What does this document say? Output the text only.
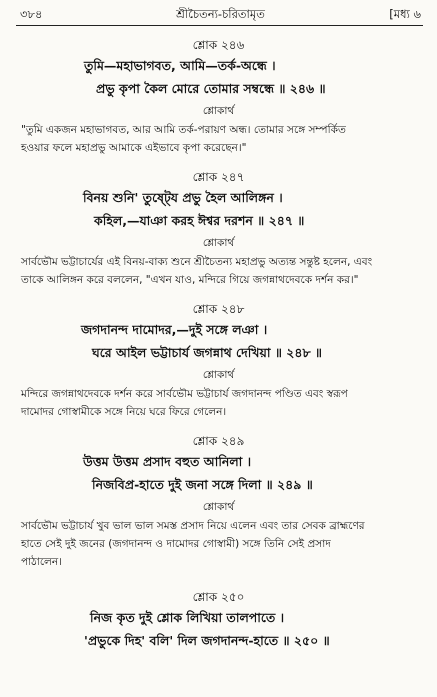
৩৮৪	শ্রীচৈতন্য-চরিতামৃত	[মধ্য ৬
শ্লোক ২৪৬
তুমি—মহাভাগবত, আমি—তর্ক-অন্ধে ।
প্রভু কৃপা কৈল মোরে তোমার সম্বন্ধে ॥ ২৪৬ ॥
শ্লোকার্থ
"তুমি একজন মহাভাগবত, আর আমি তর্ক-পরায়ণ অন্ধ। তোমার সঙ্গে সম্পর্কিত
হওয়ার ফলে মহাপ্রভু আমাকে এইভাবে কৃপা করেছেন।"
শ্লোক ২৪৭
বিনয় শুনি' তুষ্টে্য প্রভু হৈল আলিঙ্গন ।
কহিল,—যাঞা করহ ঈশ্বর দরশন ॥ ২৪৭ ॥
শ্লোকার্থ
সার্বভৌম ভট্টাচার্যের এই বিনয়-বাক্য শুনে শ্রীচৈতন্য মহাপ্রভু অত্যন্ত সন্তুষ্ট হলেন, এবং
তাকে আলিঙ্গন করে বললেন, "এখন যাও, মন্দিরে গিয়ে জগন্নাথদেবকে দর্শন কর।"
শ্লোক ২৪৮
জগদানন্দ দামোদর,—দুই সঙ্গে লঞা ।
ঘরে আইল ভট্টাচার্য জগন্নাথ দেখিয়া ॥ ২৪৮ ॥
শ্লোকার্থ
মন্দিরে জগন্নাথদেবকে দর্শন করে সার্বভৌম ভট্টাচার্য জগদানন্দ পণ্ডিত এবং স্বরূপ
দামোদর গোস্বামীকে সঙ্গে নিয়ে ঘরে ফিরে গেলেন।
শ্লোক ২৪৯
উত্তম উত্তম প্রসাদ বহুত আনিলা ।
নিজবিপ্র-হাতে দুই জনা সঙ্গে দিলা ॥ ২৪৯ ॥
শ্লোকার্থ
সার্বভৌম ভট্টাচার্য খুব ভাল ভাল সমস্ত প্রসাদ নিয়ে এলেন এবং তার সেবক ব্রাহ্মণের
হাতে সেই দুই জনের (জগদানন্দ ও দামোদর গোস্বামী) সঙ্গে তিনি সেই প্রসাদ
পাঠালেন।
শ্লোক ২৫০
নিজ কৃত দুই শ্লোক লিখিয়া তালপাতে ।
'প্রভুকে দিহ' বলি' দিল জগদানন্দ-হাতে ॥ ২৫০ ॥
